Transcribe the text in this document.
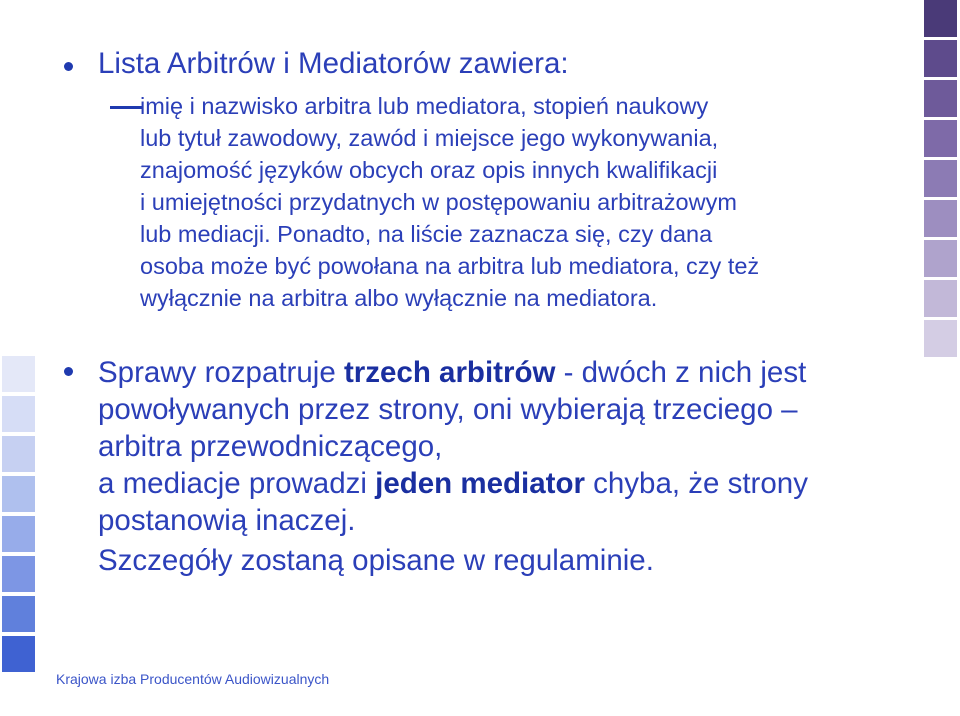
Lista Arbitrów i Mediatorów zawiera:
imię i nazwisko arbitra lub mediatora, stopień naukowy
lub tytuł zawodowy, zawód i miejsce jego wykonywania,
znajomość języków obcych oraz opis innych kwalifikacji
i umiejętności przydatnych w postępowaniu arbitrażowym
lub mediacji. Ponadto, na liście zaznacza się, czy dana
osoba może być powołana na arbitra lub mediatora, czy też
wyłącznie na arbitra albo wyłącznie na mediatora.
Sprawy rozpatruje trzech arbitrów - dwóch z nich jest
powoływanych przez strony, oni wybierają trzeciego –
arbitra przewodniczącego,
a mediacje prowadzi jeden mediator chyba, że strony
postanowią inaczej.
Szczegóły zostaną opisane w regulaminie.
Krajowa izba Producentów Audiowizualnych
